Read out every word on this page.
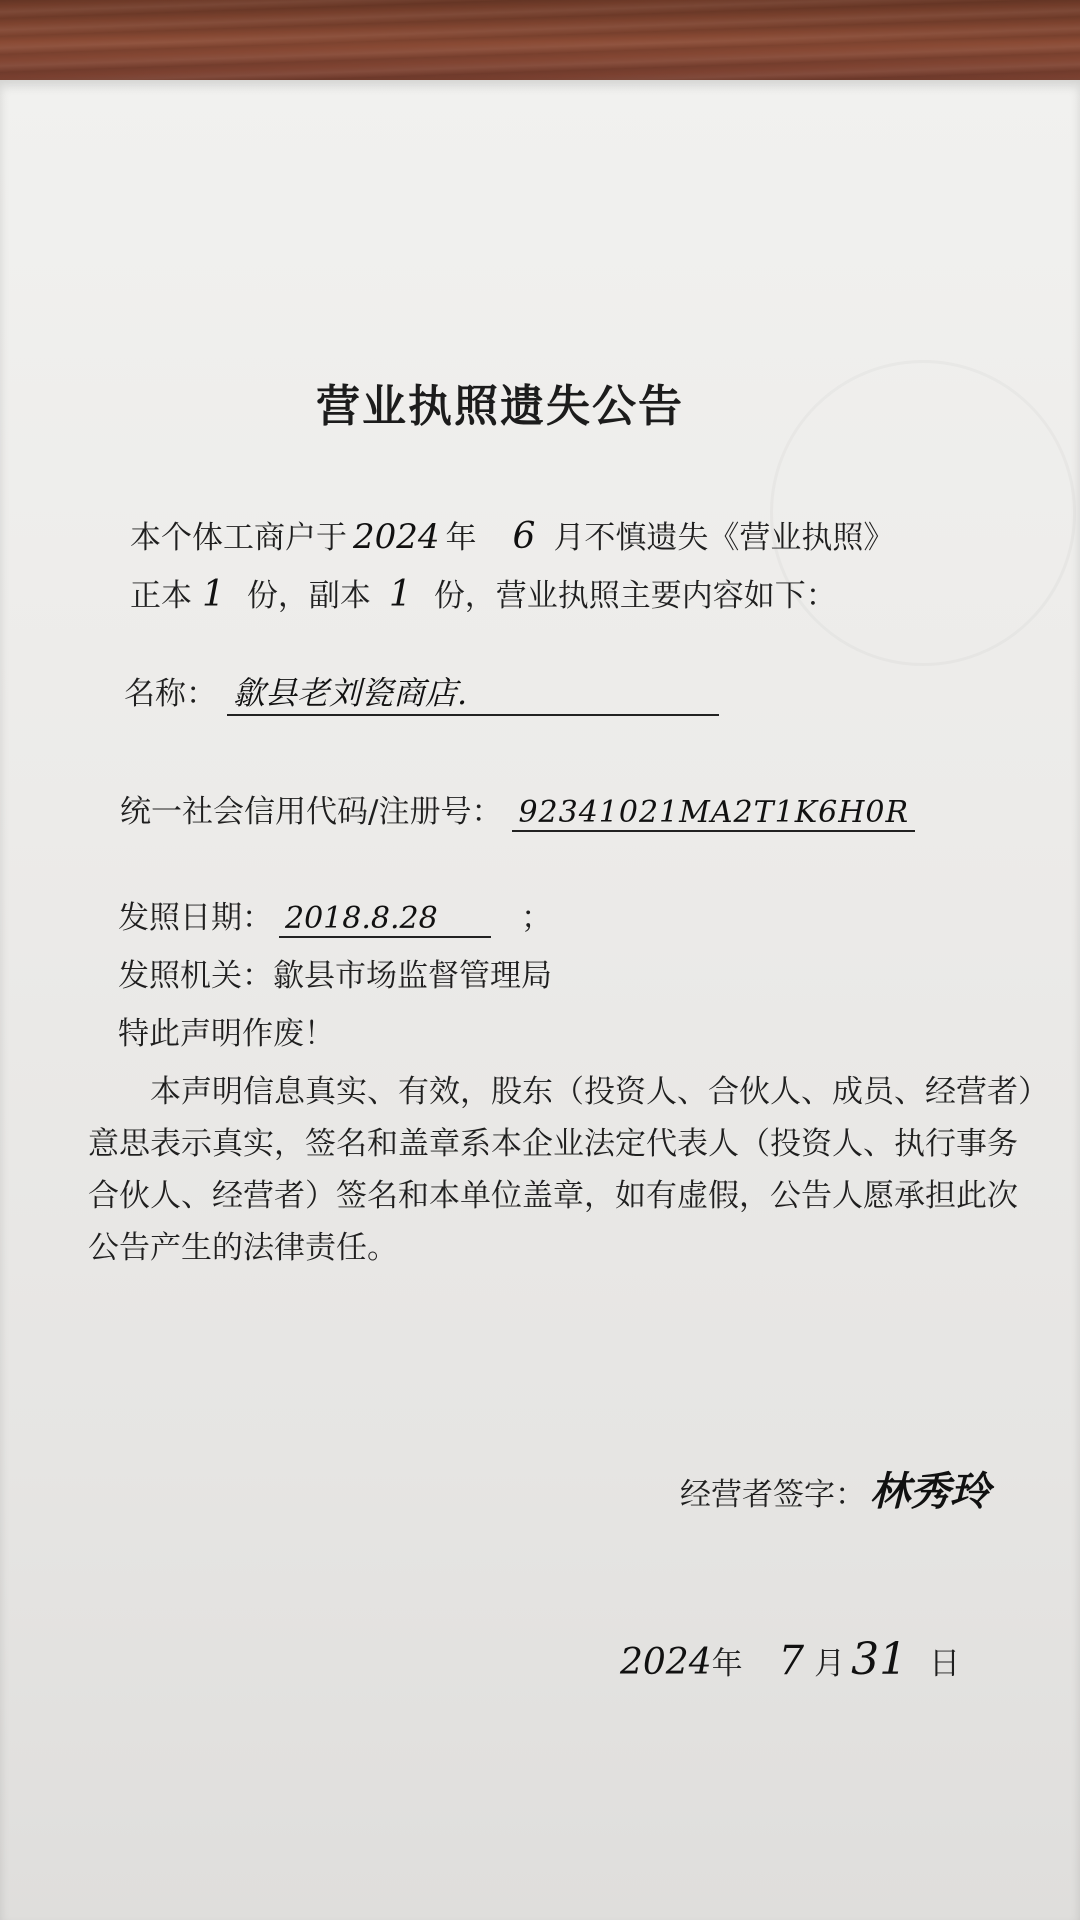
营业执照遗失公告
本个体工商户于 2024 年 6 月不慎遗失《营业执照》
正本 1 份，副本 1 份，营业执照主要内容如下：
名称： 歙县老刘瓷商店.
统一社会信用代码/注册号： 92341021MA2T1K6H0R
发照日期： 2018.8.28	；
发照机关：歙县市场监督管理局
特此声明作废！
本声明信息真实、有效，股东（投资人、合伙人、成员、经营者）意思表示真实，签名和盖章系本企业法定代表人（投资人、执行事务合伙人、经营者）签名和本单位盖章，如有虚假，公告人愿承担此次公告产生的法律责任。
经营者签字： 林秀玲
2024年 7 月 31 日
